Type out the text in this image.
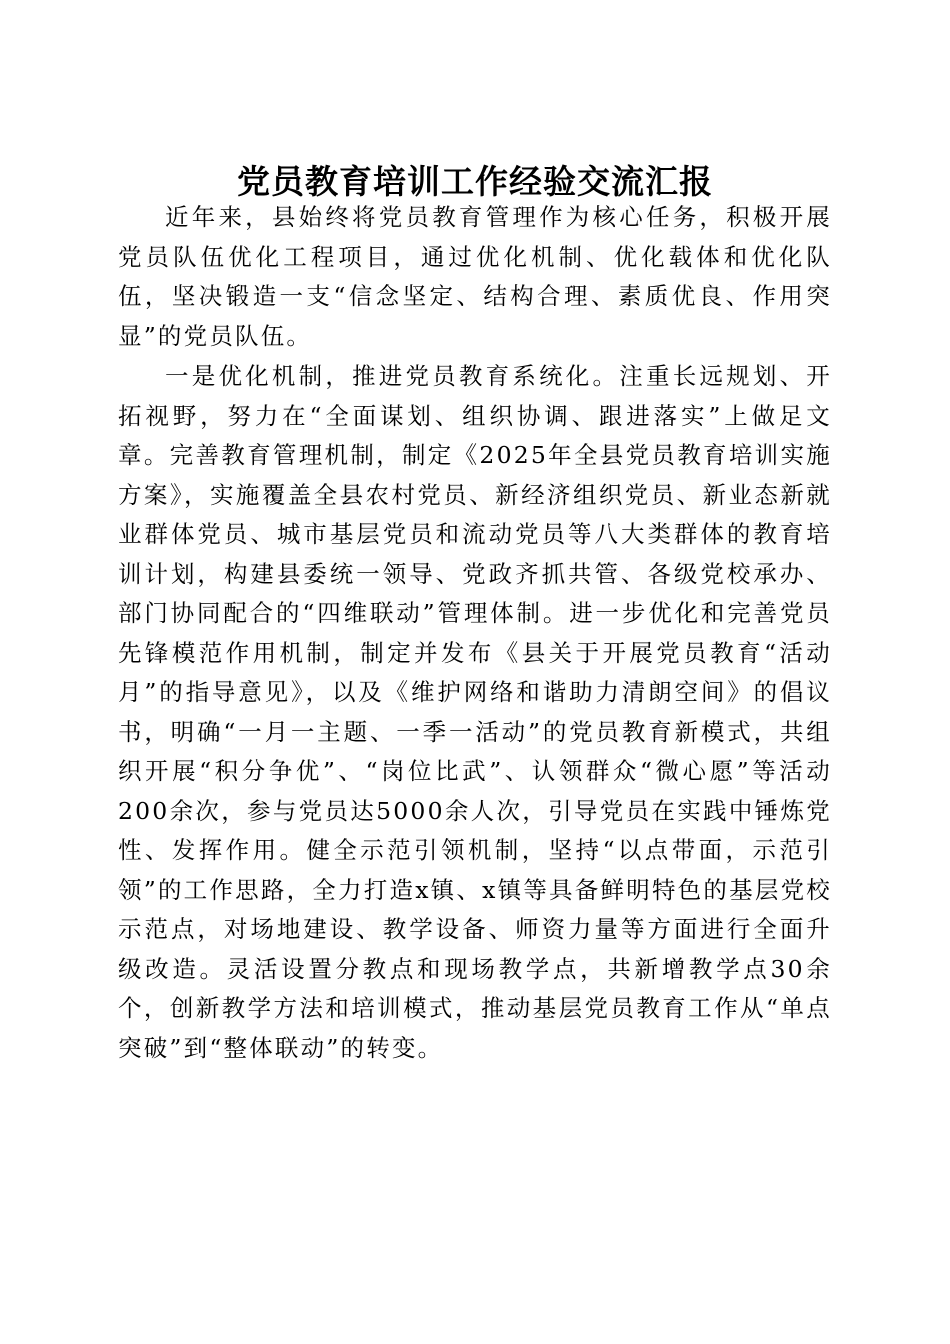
党员教育培训工作经验交流汇报

近年来，县始终将党员教育管理作为核心任务，积极开展党员队伍优化工程项目，通过优化机制、优化载体和优化队伍，坚决锻造一支“信念坚定、结构合理、素质优良、作用突显”的党员队伍。

一是优化机制，推进党员教育系统化。注重长远规划、开拓视野，努力在“全面谋划、组织协调、跟进落实”上做足文章。完善教育管理机制，制定《2025年全县党员教育培训实施方案》，实施覆盖全县农村党员、新经济组织党员、新业态新就业群体党员、城市基层党员和流动党员等八大类群体的教育培训计划，构建县委统一领导、党政齐抓共管、各级党校承办、部门协同配合的“四维联动”管理体制。进一步优化和完善党员先锋模范作用机制，制定并发布《县关于开展党员教育“活动月”的指导意见》，以及《维护网络和谐助力清朗空间》的倡议书，明确“一月一主题、一季一活动”的党员教育新模式，共组织开展“积分争优”、“岗位比武”、认领群众“微心愿”等活动200余次，参与党员达5000余人次，引导党员在实践中锤炼党性、发挥作用。健全示范引领机制，坚持“以点带面，示范引领”的工作思路，全力打造x镇、x镇等具备鲜明特色的基层党校示范点，对场地建设、教学设备、师资力量等方面进行全面升级改造。灵活设置分教点和现场教学点，共新增教学点30余个，创新教学方法和培训模式，推动基层党员教育工作从“单点突破”到“整体联动”的转变。
